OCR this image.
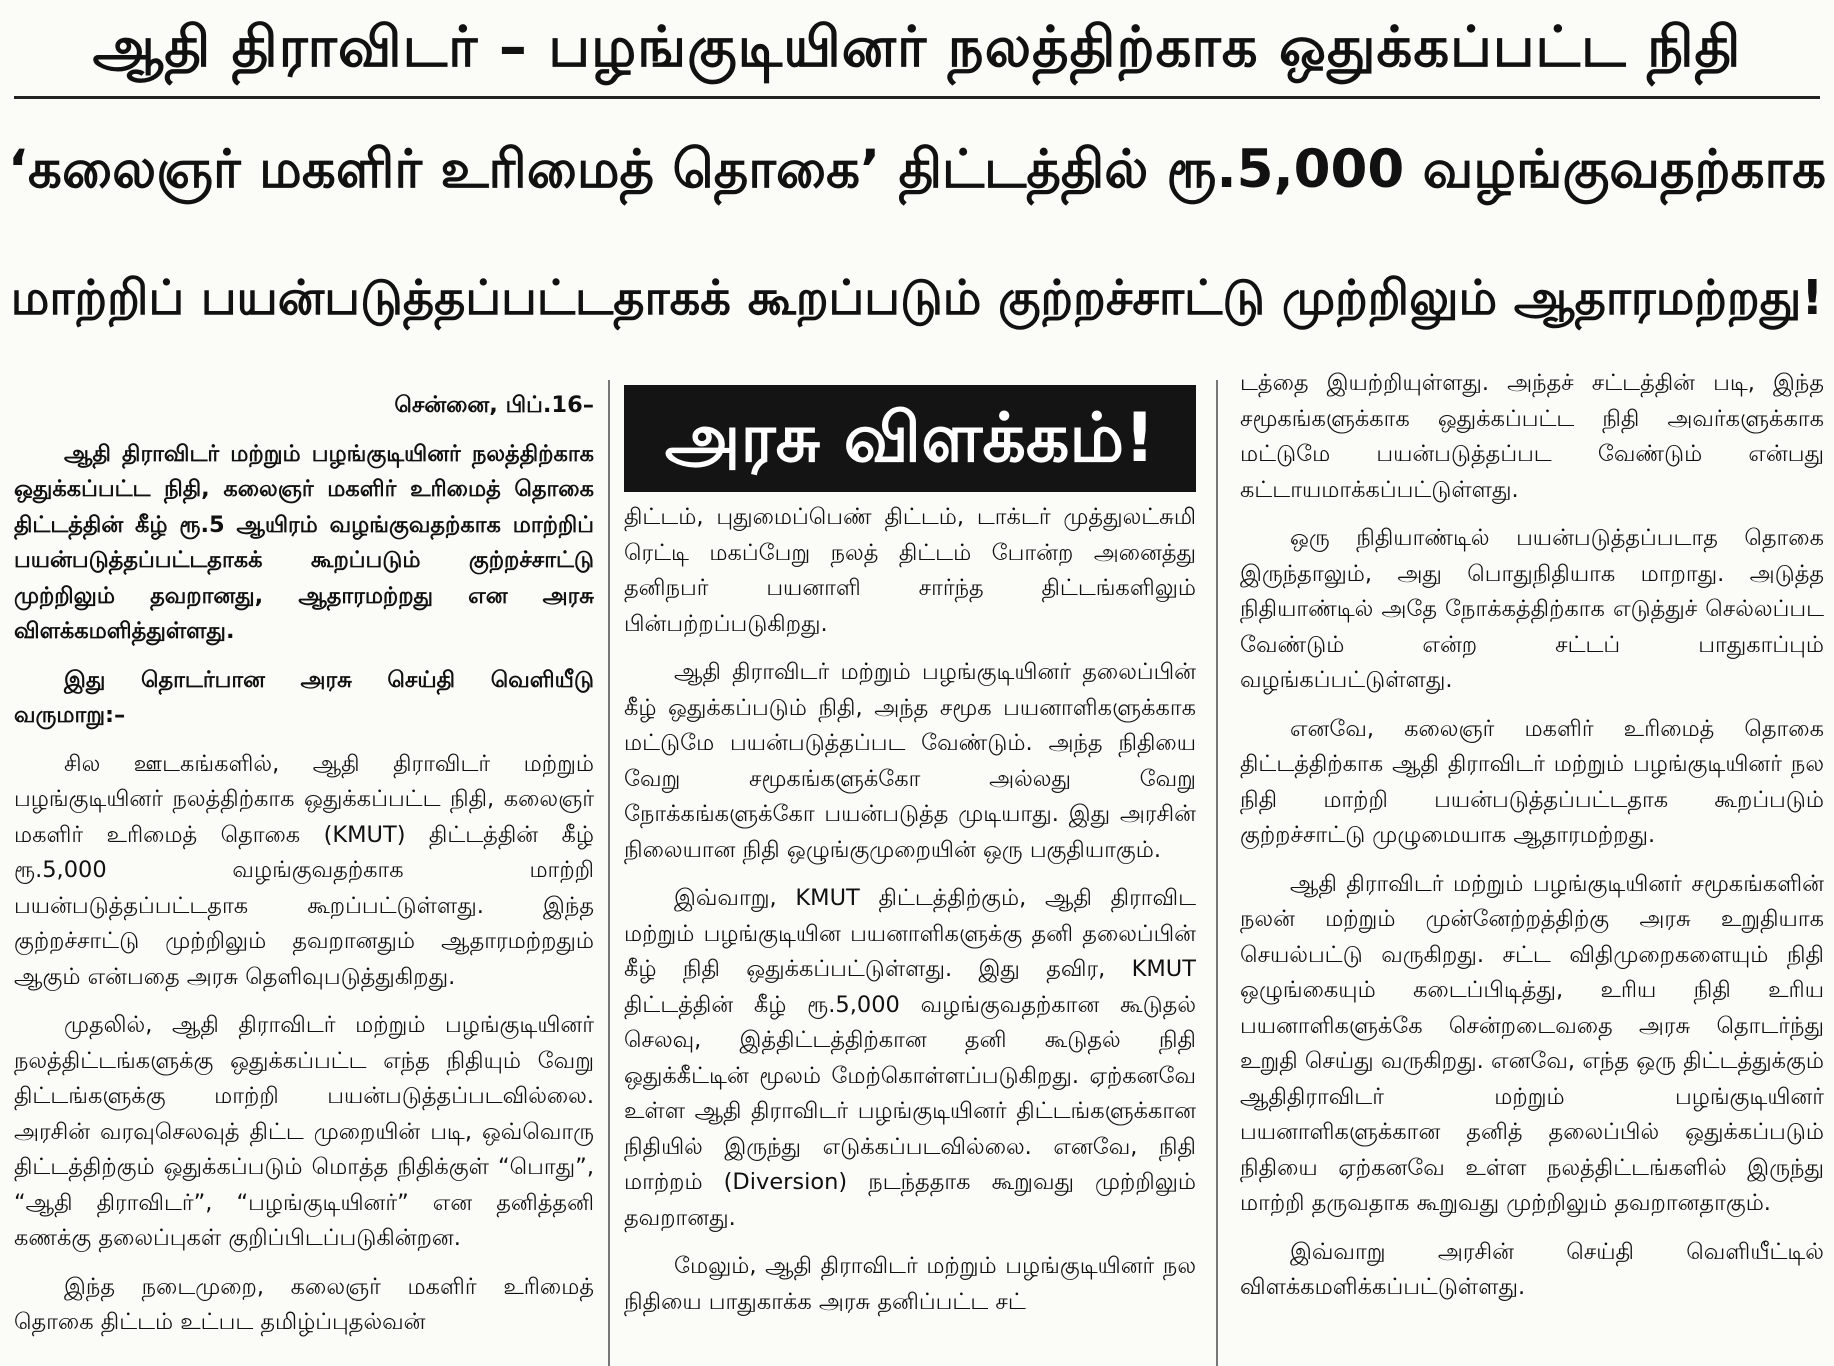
ஆதி திராவிடர் – பழங்குடியினர் நலத்திற்காக ஒதுக்கப்பட்ட நிதி
‘கலைஞர் மகளிர் உரிமைத் தொகை’ திட்டத்தில் ரூ.5,000 வழங்குவதற்காக
மாற்றிப் பயன்படுத்தப்பட்டதாகக் கூறப்படும் குற்றச்சாட்டு முற்றிலும் ஆதாரமற்றது!

சென்னை, பிப்.16–

ஆதி திராவிடர் மற்றும் பழங்குடியினர் நலத்திற்காக ஒதுக்கப்பட்ட நிதி, கலைஞர் மகளிர் உரிமைத் தொகை திட்டத்தின் கீழ் ரூ.5 ஆயிரம் வழங்குவதற்காக மாற்றிப் பயன்படுத்தப்பட்டதாகக் கூறப்படும் குற்றச்சாட்டு முற்றிலும் தவறானது, ஆதாரமற்றது என அரசு விளக்கமளித்துள்ளது.

இது தொடர்பான அரசு செய்தி வெளியீடு வருமாறு:–

சில ஊடகங்களில், ஆதி திராவிடர் மற்றும் பழங்குடியினர் நலத்திற்காக ஒதுக்கப்பட்ட நிதி, கலைஞர் மகளிர் உரிமைத் தொகை (KMUT) திட்டத்தின் கீழ் ரூ.5,000 வழங்குவதற்காக மாற்றி பயன்படுத்தப்பட்டதாக கூறப்பட்டுள்ளது. இந்த குற்றச்சாட்டு முற்றிலும் தவறானதும் ஆதாரமற்றதும் ஆகும் என்பதை அரசு தெளிவுபடுத்துகிறது.

முதலில், ஆதி திராவிடர் மற்றும் பழங்குடியினர் நலத்திட்டங்களுக்கு ஒதுக்கப்பட்ட எந்த நிதியும் வேறு திட்டங்களுக்கு மாற்றி பயன்படுத்தப்படவில்லை. அரசின் வரவுசெலவுத் திட்ட முறையின் படி, ஒவ்வொரு திட்டத்திற்கும் ஒதுக்கப்படும் மொத்த நிதிக்குள் “பொது”, “ஆதி திராவிடர்”, “பழங்குடியினர்” என தனித்தனி கணக்கு தலைப்புகள் குறிப்பிடப்படுகின்றன.

இந்த நடைமுறை, கலைஞர் மகளிர் உரிமைத் தொகை திட்டம் உட்பட தமிழ்ப்புதல்வன்

அரசு விளக்கம்!

திட்டம், புதுமைப்பெண் திட்டம், டாக்டர் முத்துலட்சுமி ரெட்டி மகப்பேறு நலத் திட்டம் போன்ற அனைத்து தனிநபர் பயனாளி சார்ந்த திட்டங்களிலும் பின்பற்றப்படுகிறது.

ஆதி திராவிடர் மற்றும் பழங்குடியினர் தலைப்பின் கீழ் ஒதுக்கப்படும் நிதி, அந்த சமூக பயனாளிகளுக்காக மட்டுமே பயன்படுத்தப்பட வேண்டும். அந்த நிதியை வேறு சமூகங்களுக்கோ அல்லது வேறு நோக்கங்களுக்கோ பயன்படுத்த முடியாது. இது அரசின் நிலையான நிதி ஒழுங்குமுறையின் ஒரு பகுதியாகும்.

இவ்வாறு, KMUT திட்டத்திற்கும், ஆதி திராவிட மற்றும் பழங்குடியின பயனாளிகளுக்கு தனி தலைப்பின் கீழ் நிதி ஒதுக்கப்பட்டுள்ளது. இது தவிர, KMUT திட்டத்தின் கீழ் ரூ.5,000 வழங்குவதற்கான கூடுதல் செலவு, இத்திட்டத்திற்கான தனி கூடுதல் நிதி ஒதுக்கீட்டின் மூலம் மேற்கொள்ளப்படுகிறது. ஏற்கனவே உள்ள ஆதி திராவிடர் பழங்குடியினர் திட்டங்களுக்கான நிதியில் இருந்து எடுக்கப்படவில்லை. எனவே, நிதி மாற்றம் (Diversion) நடந்ததாக கூறுவது முற்றிலும் தவறானது.

மேலும், ஆதி திராவிடர் மற்றும் பழங்குடியினர் நல நிதியை பாதுகாக்க அரசு தனிப்பட்ட சட்

டத்தை இயற்றியுள்ளது. அந்தச் சட்டத்தின் படி, இந்த சமூகங்களுக்காக ஒதுக்கப்பட்ட நிதி அவர்களுக்காக மட்டுமே பயன்படுத்தப்பட வேண்டும் என்பது கட்டாயமாக்கப்பட்டுள்ளது.

ஒரு நிதியாண்டில் பயன்படுத்தப்படாத தொகை இருந்தாலும், அது பொதுநிதியாக மாறாது. அடுத்த நிதியாண்டில் அதே நோக்கத்திற்காக எடுத்துச் செல்லப்பட வேண்டும் என்ற சட்டப் பாதுகாப்பும் வழங்கப்பட்டுள்ளது.

எனவே, கலைஞர் மகளிர் உரிமைத் தொகை திட்டத்திற்காக ஆதி திராவிடர் மற்றும் பழங்குடியினர் நல நிதி மாற்றி பயன்படுத்தப்பட்டதாக கூறப்படும் குற்றச்சாட்டு முழுமையாக ஆதாரமற்றது.

ஆதி திராவிடர் மற்றும் பழங்குடியினர் சமூகங்களின் நலன் மற்றும் முன்னேற்றத்திற்கு அரசு உறுதியாக செயல்பட்டு வருகிறது. சட்ட விதிமுறைகளையும் நிதி ஒழுங்கையும் கடைப்பிடித்து, உரிய நிதி உரிய பயனாளிகளுக்கே சென்றடைவதை அரசு தொடர்ந்து உறுதி செய்து வருகிறது. எனவே, எந்த ஒரு திட்டத்துக்கும் ஆதிதிராவிடர் மற்றும் பழங்குடியினர் பயனாளிகளுக்கான தனித் தலைப்பில் ஒதுக்கப்படும் நிதியை ஏற்கனவே உள்ள நலத்திட்டங்களில் இருந்து மாற்றி தருவதாக கூறுவது முற்றிலும் தவறானதாகும்.

இவ்வாறு அரசின் செய்தி வெளியீட்டில் விளக்கமளிக்கப்பட்டுள்ளது.
